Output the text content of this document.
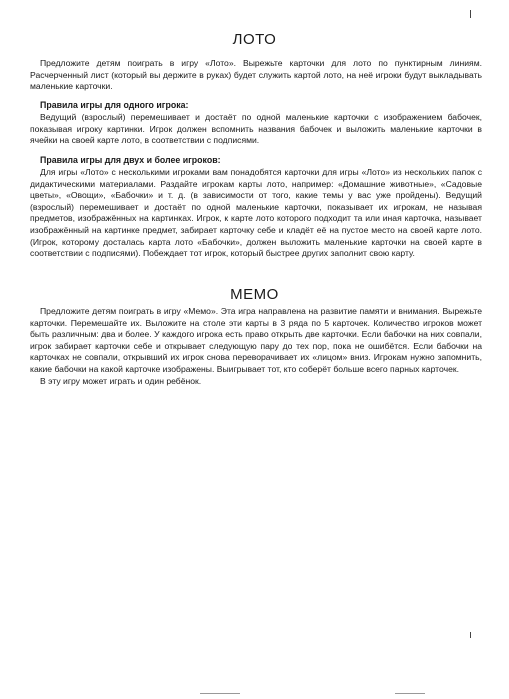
ЛОТО

Предложите детям поиграть в игру «Лото». Вырежьте карточки для лото по пунктирным линиям. Расчерченный лист (который вы держите в руках) будет служить картой лото, на неё игроки будут выкладывать маленькие карточки.

Правила игры для одного игрока:

Ведущий (взрослый) перемешивает и достаёт по одной маленькие карточки с изображением бабочек, показывая игроку картинки. Игрок должен вспомнить названия бабочек и выложить маленькие карточки в ячейки на своей карте лото, в соответствии с подписями.

Правила игры для двух и более игроков:

Для игры «Лото» с несколькими игроками вам понадобятся карточки для игры «Лото» из нескольких папок с дидактическими материалами. Раздайте игрокам карты лото, например: «Домашние животные», «Садовые цветы», «Овощи», «Бабочки» и т. д. (в зависимости от того, какие темы у вас уже пройдены). Ведущий (взрослый) перемешивает и достаёт по одной маленькие карточки, показывает их игрокам, не называя предметов, изображённых на картинках. Игрок, к карте лото которого подходит та или иная карточка, называет изображённый на картинке предмет, забирает карточку себе и кладёт её на пустое место на своей карте лото. (Игрок, которому досталась карта лото «Бабочки», должен выложить маленькие карточки на своей карте в соответствии с подписями). Побеждает тот игрок, который быстрее других заполнит свою карту.

МЕМО

Предложите детям поиграть в игру «Мемо». Эта игра направлена на развитие памяти и внимания. Вырежьте карточки. Перемешайте их. Выложите на столе эти карты в 3 ряда по 5 карточек. Количество игроков может быть различным: два и более. У каждого игрока есть право открыть две карточки. Если бабочки на них совпали, игрок забирает карточки себе и открывает следующую пару до тех пор, пока не ошибётся. Если бабочки на карточках не совпали, открывший их игрок снова переворачивает их «лицом» вниз. Игрокам нужно запомнить, какие бабочки на какой карточке изображены. Выигрывает тот, кто соберёт больше всего парных карточек.

В эту игру может играть и один ребёнок.
